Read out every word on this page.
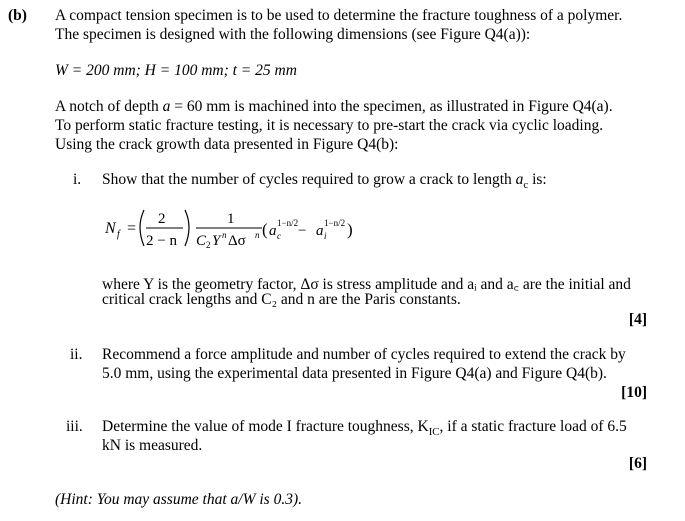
(b) A compact tension specimen is to be used to determine the fracture toughness of a polymer.
The specimen is designed with the following dimensions (see Figure Q4(a)):
W = 200 mm; H = 100 mm; t = 25 mm
A notch of depth a = 60 mm is machined into the specimen, as illustrated in Figure Q4(a).
To perform static fracture testing, it is necessary to pre-start the crack via cyclic loading.
Using the crack growth data presented in Figure Q4(b):
i. Show that the number of cycles required to grow a crack to length $a_c$ is:
N f =
2
2 − n
1
C 2 Y n Δσ n ( a c
1−n/2 − a i
1−n/2 )
where Y is the geometry factor, Δσ is stress amplitude and aᵢ and a꜀ are the initial and
critical crack lengths and C₂ and n are the Paris constants.
[4]
ii. Recommend a force amplitude and number of cycles required to extend the crack by
5.0 mm, using the experimental data presented in Figure Q4(a) and Figure Q4(b).
[10]
iii. Determine the value of mode I fracture toughness, $K_{IC}$, if a static fracture load of 6.5
kN is measured.
[6]
(Hint: You may assume that a/W is 0.3).
